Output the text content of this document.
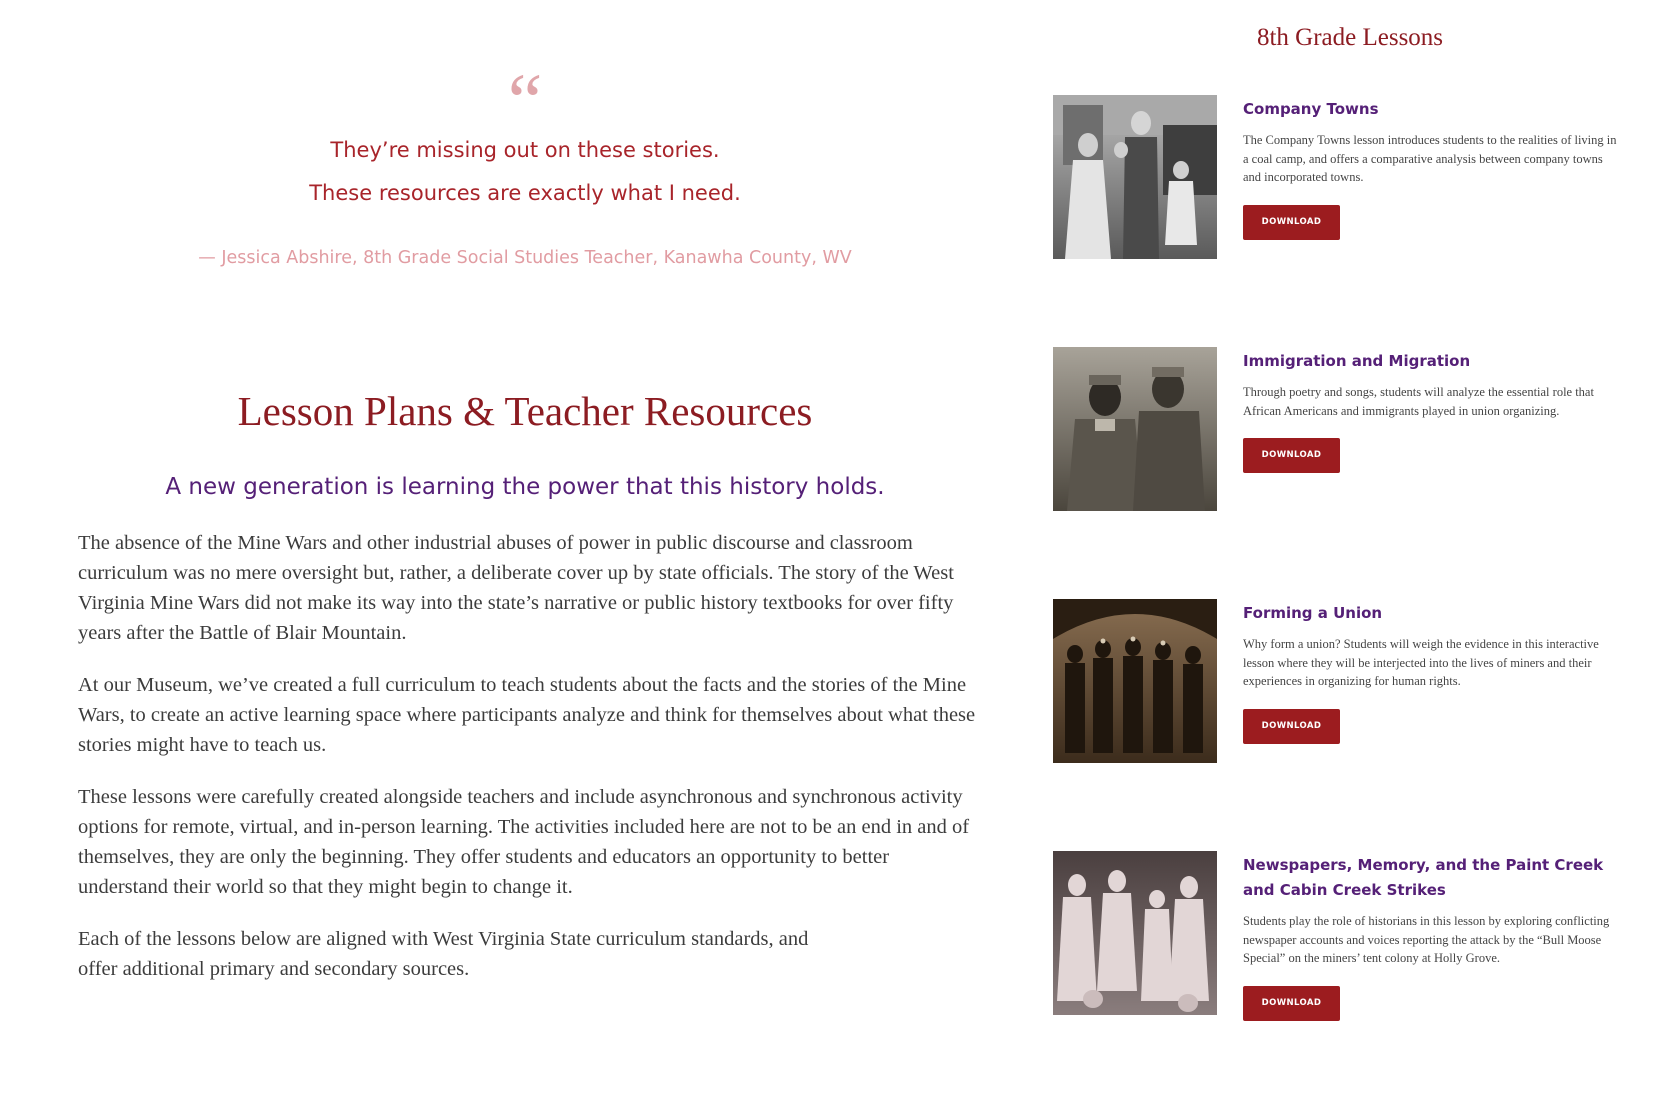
“
They’re missing out on these stories.
These resources are exactly what I need.
— Jessica Abshire, 8th Grade Social Studies Teacher, Kanawha County, WV
Lesson Plans & Teacher Resources
A new generation is learning the power that this history holds.

The absence of the Mine Wars and other industrial abuses of power in public discourse and classroom curriculum was no mere oversight but, rather, a deliberate cover up by state officials. The story of the West Virginia Mine Wars did not make its way into the state’s narrative or public history textbooks for over fifty years after the Battle of Blair Mountain.

At our Museum, we’ve created a full curriculum to teach students about the facts and the stories of the Mine Wars, to create an active learning space where participants analyze and think for themselves about what these stories might have to teach us.

These lessons were carefully created alongside teachers and include asynchronous and synchronous activity options for remote, virtual, and in-person learning. The activities included here are not to be an end in and of themselves, they are only the beginning. They offer students and educators an opportunity to better understand their world so that they might begin to change it.

Each of the lessons below are aligned with West Virginia State curriculum standards, and offer additional primary and secondary sources.

8th Grade Lessons
Company Towns

The Company Towns lesson introduces students to the realities of living in a coal camp, and offers a comparative analysis between company towns and incorporated towns.

DOWNLOAD
Immigration and Migration

Through poetry and songs, students will analyze the essential role that African Americans and immigrants played in union organizing.

DOWNLOAD
Forming a Union

Why form a union? Students will weigh the evidence in this interactive lesson where they will be interjected into the lives of miners and their experiences in organizing for human rights.

DOWNLOAD
Newspapers, Memory, and the Paint Creek and Cabin Creek Strikes

Students play the role of historians in this lesson by exploring conflicting newspaper accounts and voices reporting the attack by the “Bull Moose Special” on the miners’ tent colony at Holly Grove.

DOWNLOAD
